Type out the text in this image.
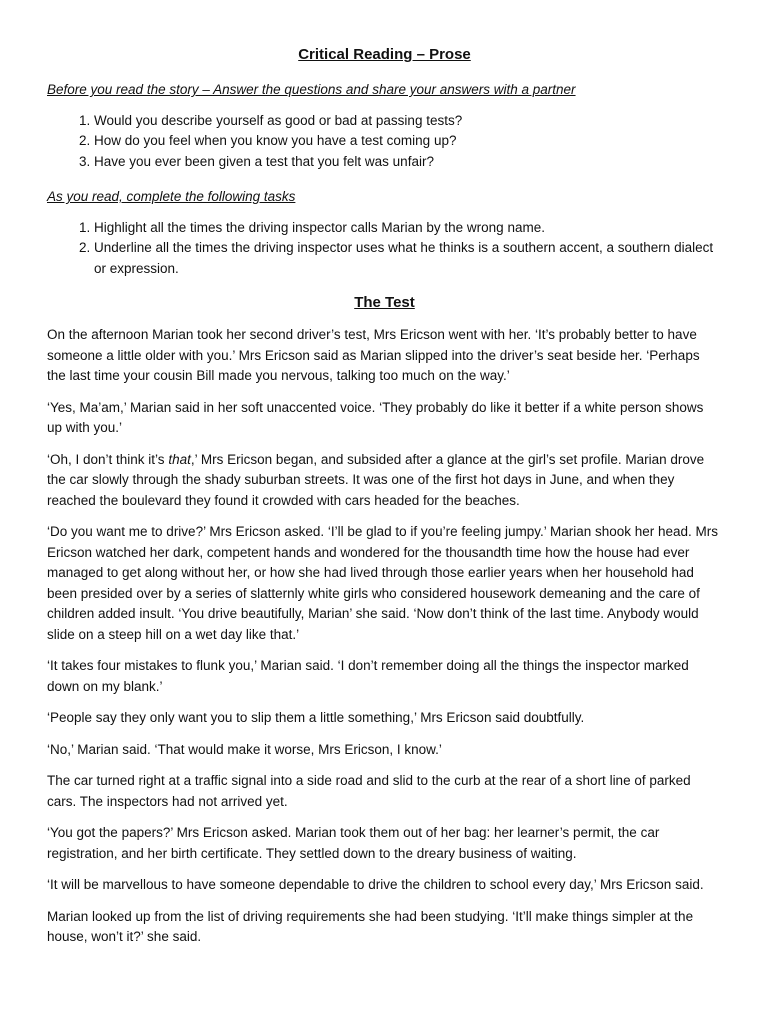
Critical Reading – Prose
Before you read the story – Answer the questions and share your answers with a partner
1. Would you describe yourself as good or bad at passing tests?
2. How do you feel when you know you have a test coming up?
3. Have you ever been given a test that you felt was unfair?
As you read, complete the following tasks
1. Highlight all the times the driving inspector calls Marian by the wrong name.
2. Underline all the times the driving inspector uses what he thinks is a southern accent, a southern dialect or expression.
The Test

On the afternoon Marian took her second driver’s test, Mrs Ericson went with her. ‘It’s probably better to have someone a little older with you.’ Mrs Ericson said as Marian slipped into the driver’s seat beside her. ‘Perhaps the last time your cousin Bill made you nervous, talking too much on the way.’

‘Yes, Ma’am,’ Marian said in her soft unaccented voice. ‘They probably do like it better if a white person shows up with you.’

‘Oh, I don’t think it’s that,’ Mrs Ericson began, and subsided after a glance at the girl’s set profile. Marian drove the car slowly through the shady suburban streets. It was one of the first hot days in June, and when they reached the boulevard they found it crowded with cars headed for the beaches.

‘Do you want me to drive?’ Mrs Ericson asked. ‘I’ll be glad to if you’re feeling jumpy.’ Marian shook her head. Mrs Ericson watched her dark, competent hands and wondered for the thousandth time how the house had ever managed to get along without her, or how she had lived through those earlier years when her household had been presided over by a series of slatternly white girls who considered housework demeaning and the care of children added insult. ‘You drive beautifully, Marian’ she said. ‘Now don’t think of the last time. Anybody would slide on a steep hill on a wet day like that.’

‘It takes four mistakes to flunk you,’ Marian said. ‘I don’t remember doing all the things the inspector marked down on my blank.’

‘People say they only want you to slip them a little something,’ Mrs Ericson said doubtfully.

‘No,’ Marian said. ‘That would make it worse, Mrs Ericson, I know.’

The car turned right at a traffic signal into a side road and slid to the curb at the rear of a short line of parked cars. The inspectors had not arrived yet.

‘You got the papers?’ Mrs Ericson asked. Marian took them out of her bag: her learner’s permit, the car registration, and her birth certificate. They settled down to the dreary business of waiting.

‘It will be marvellous to have someone dependable to drive the children to school every day,’ Mrs Ericson said.

Marian looked up from the list of driving requirements she had been studying. ‘It’ll make things simpler at the house, won’t it?’ she said.
